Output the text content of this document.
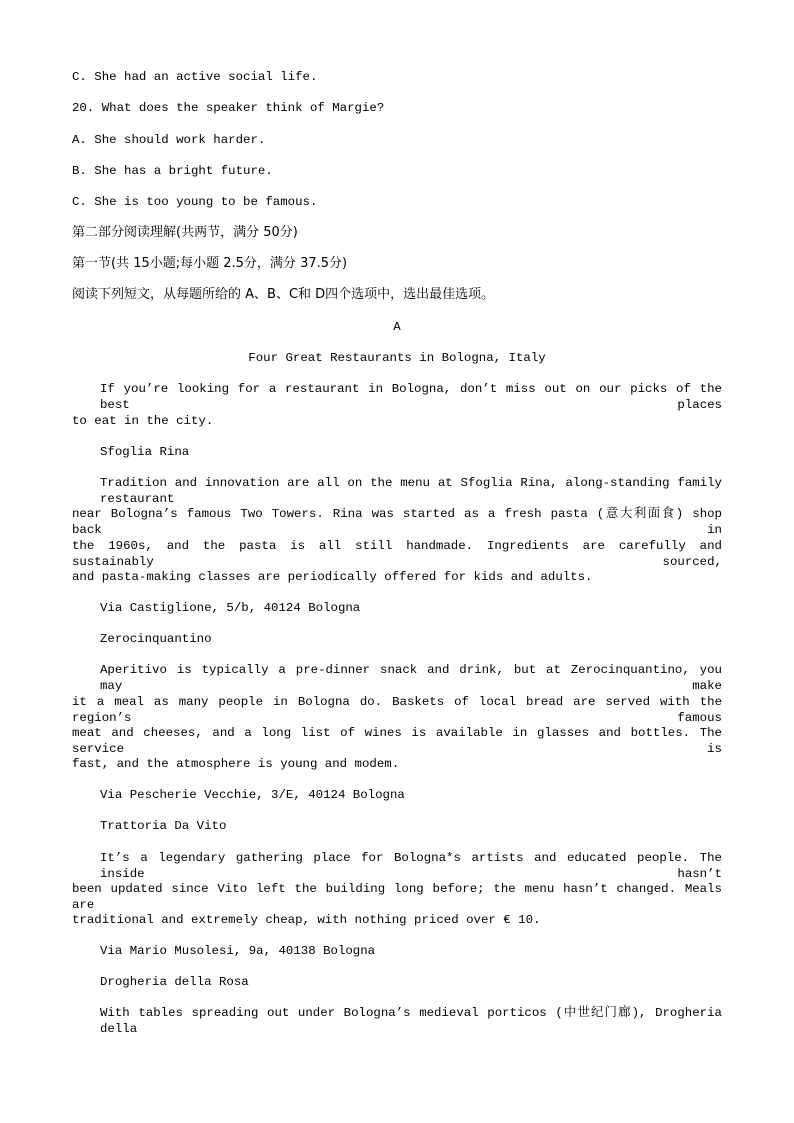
C. She had an active social life.

20. What does the speaker think of Margie?

A. She should work harder.

B. She has a bright future.

C. She is too young to be famous.

第二部分阅读理解(共两节，满分 50分)

第一节(共 15小题;每小题 2.5分，满分 37.5分)

阅读下列短文，从每题所给的 A、B、C和 D四个选项中，选出最佳选项。

A

Four Great Restaurants in Bologna, Italy

If you’re looking for a restaurant in Bologna, don’t miss out on our picks of the best places

to eat in the city.

Sfoglia Rina

Tradition and innovation are all on the menu at Sfoglia Rina, along-standing family restaurant

near Bologna’s famous Two Towers. Rina was started as a fresh pasta (意大利面食) shop back in

the 1960s, and the pasta is all still handmade. Ingredients are carefully and sustainably sourced,

and pasta-making classes are periodically offered for kids and adults.

Via Castiglione, 5/b, 40124 Bologna

Zerocinquantino

Aperitivo is typically a pre-dinner snack and drink, but at Zerocinquantino, you may make

it a meal as many people in Bologna do. Baskets of local bread are served with the region’s famous

meat and cheeses, and a long list of wines is available in glasses and bottles. The service is

fast, and the atmosphere is young and modem.

Via Pescherie Vecchie, 3/E, 40124 Bologna

Trattoria Da Vito

It’s a legendary gathering place for Bologna*s artists and educated people. The inside hasn’t

been updated since Vito left the building long before; the menu hasn’t changed. Meals are

traditional and extremely cheap, with nothing priced over € 10.

Via Mario Musolesi, 9a, 40138 Bologna

Drogheria della Rosa

With tables spreading out under Bologna’s medieval porticos (中世纪门廊), Drogheria della
